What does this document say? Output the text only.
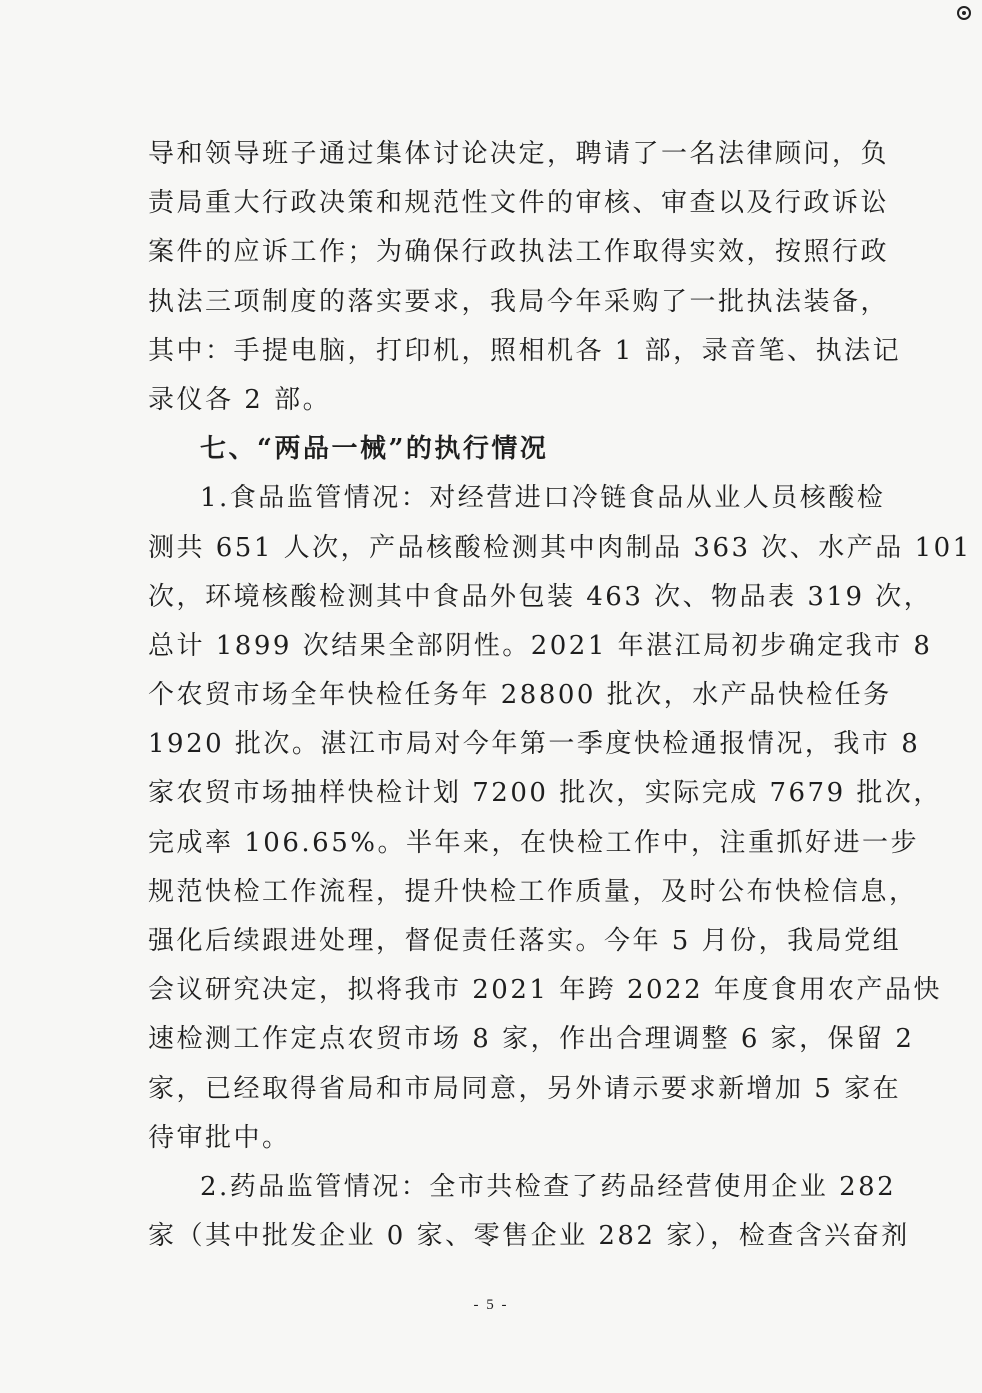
导和领导班子通过集体讨论决定，聘请了一名法律顾问，负
责局重大行政决策和规范性文件的审核、审查以及行政诉讼
案件的应诉工作；为确保行政执法工作取得实效，按照行政
执法三项制度的落实要求，我局今年采购了一批执法装备，
其中：手提电脑，打印机，照相机各 1 部，录音笔、执法记
录仪各 2 部。
七、“两品一械”的执行情况
1.食品监管情况：对经营进口冷链食品从业人员核酸检
测共 651 人次，产品核酸检测其中肉制品 363 次、水产品 101
次，环境核酸检测其中食品外包装 463 次、物品表 319 次，
总计 1899 次结果全部阴性。2021 年湛江局初步确定我市 8
个农贸市场全年快检任务年 28800 批次，水产品快检任务
1920 批次。湛江市局对今年第一季度快检通报情况，我市 8
家农贸市场抽样快检计划 7200 批次，实际完成 7679 批次，
完成率 106.65%。半年来，在快检工作中，注重抓好进一步
规范快检工作流程，提升快检工作质量，及时公布快检信息，
强化后续跟进处理，督促责任落实。今年 5 月份，我局党组
会议研究决定，拟将我市 2021 年跨 2022 年度食用农产品快
速检测工作定点农贸市场 8 家，作出合理调整 6 家，保留 2
家，已经取得省局和市局同意，另外请示要求新增加 5 家在
待审批中。
2.药品监管情况：全市共检查了药品经营使用企业 282
家（其中批发企业 0 家、零售企业 282 家），检查含兴奋剂
- 5 -
